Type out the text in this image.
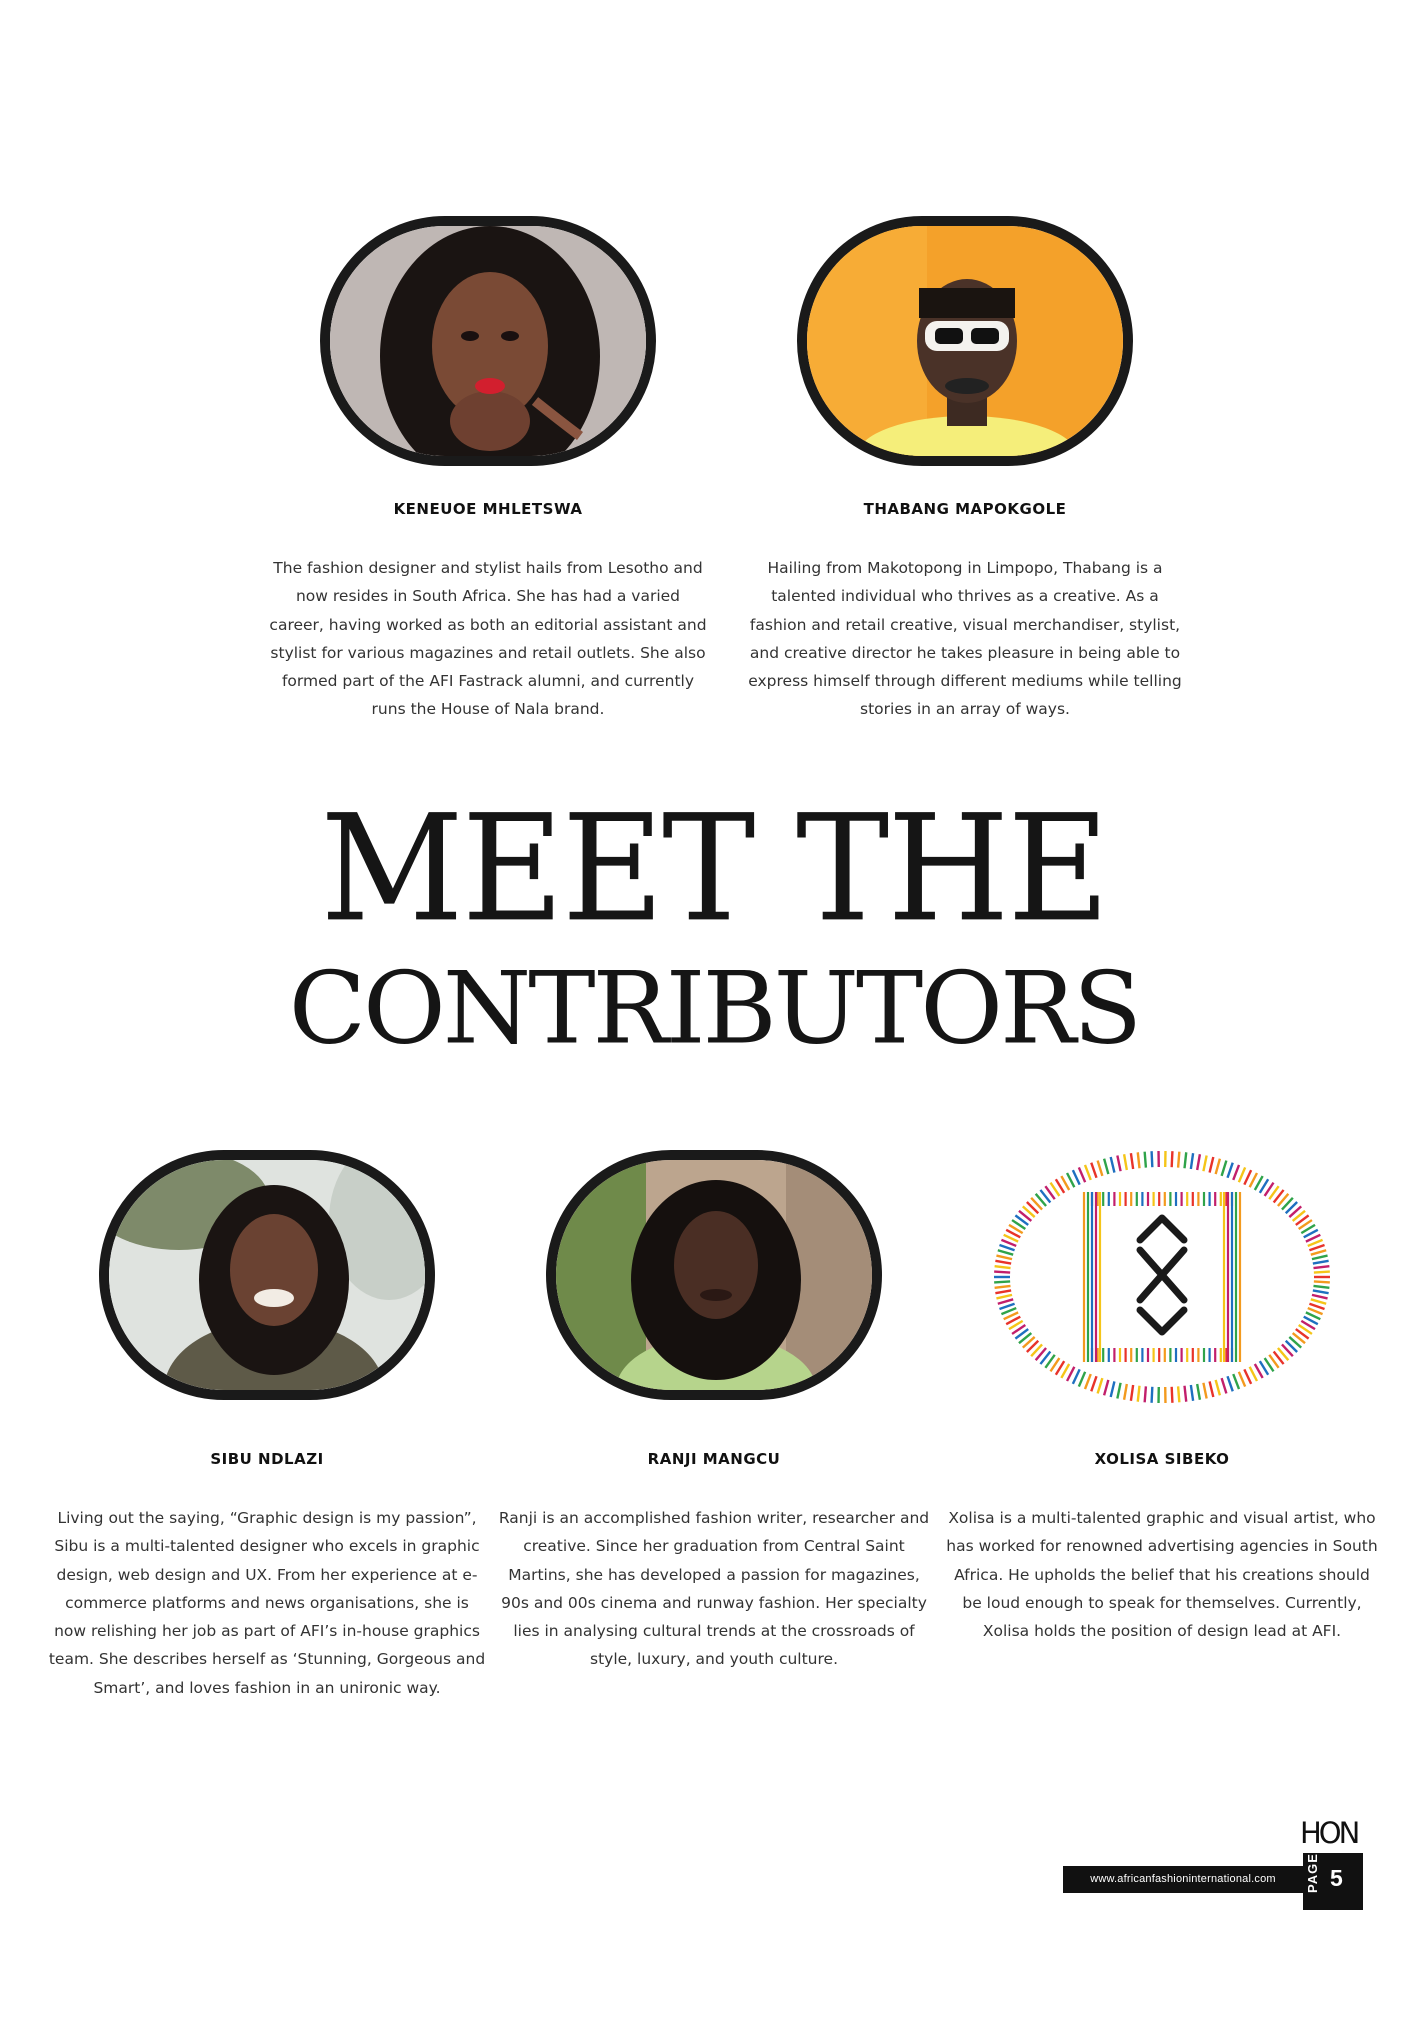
KENEUOE MHLETSWA

The fashion designer and stylist hails from Lesotho and now resides in South Africa. She has had a varied career, having worked as both an editorial assistant and stylist for various magazines and retail outlets. She also formed part of the AFI Fastrack alumni, and currently runs the House of Nala brand.

THABANG MAPOKGOLE

Hailing from Makotopong in Limpopo, Thabang is a talented individual who thrives as a creative. As a fashion and retail creative, visual merchandiser, stylist, and creative director he takes pleasure in being able to express himself through different mediums while telling stories in an array of ways.

MEET THE
CONTRIBUTORS
SIBU NDLAZI

Living out the saying, “Graphic design is my passion”, Sibu is a multi-talented designer who excels in graphic design, web design and UX. From her experience at e-commerce platforms and news organisations, she is now relishing her job as part of AFI’s in-house graphics team. She describes herself as ‘Stunning, Gorgeous and Smart’, and loves fashion in an unironic way.

RANJI MANGCU

Ranji is an accomplished fashion writer, researcher and creative. Since her graduation from Central Saint Martins, she has developed a passion for magazines, 90s and 00s cinema and runway fashion. Her specialty lies in analysing cultural trends at the crossroads of style, luxury, and youth culture.

XOLISA SIBEKO

Xolisa is a multi-talented graphic and visual artist, who has worked for renowned advertising agencies in South Africa. He upholds the belief that his creations should be loud enough to speak for themselves. Currently, Xolisa holds the position of design lead at AFI.

HON
www.africanfashioninternational.com	PAGE 5
